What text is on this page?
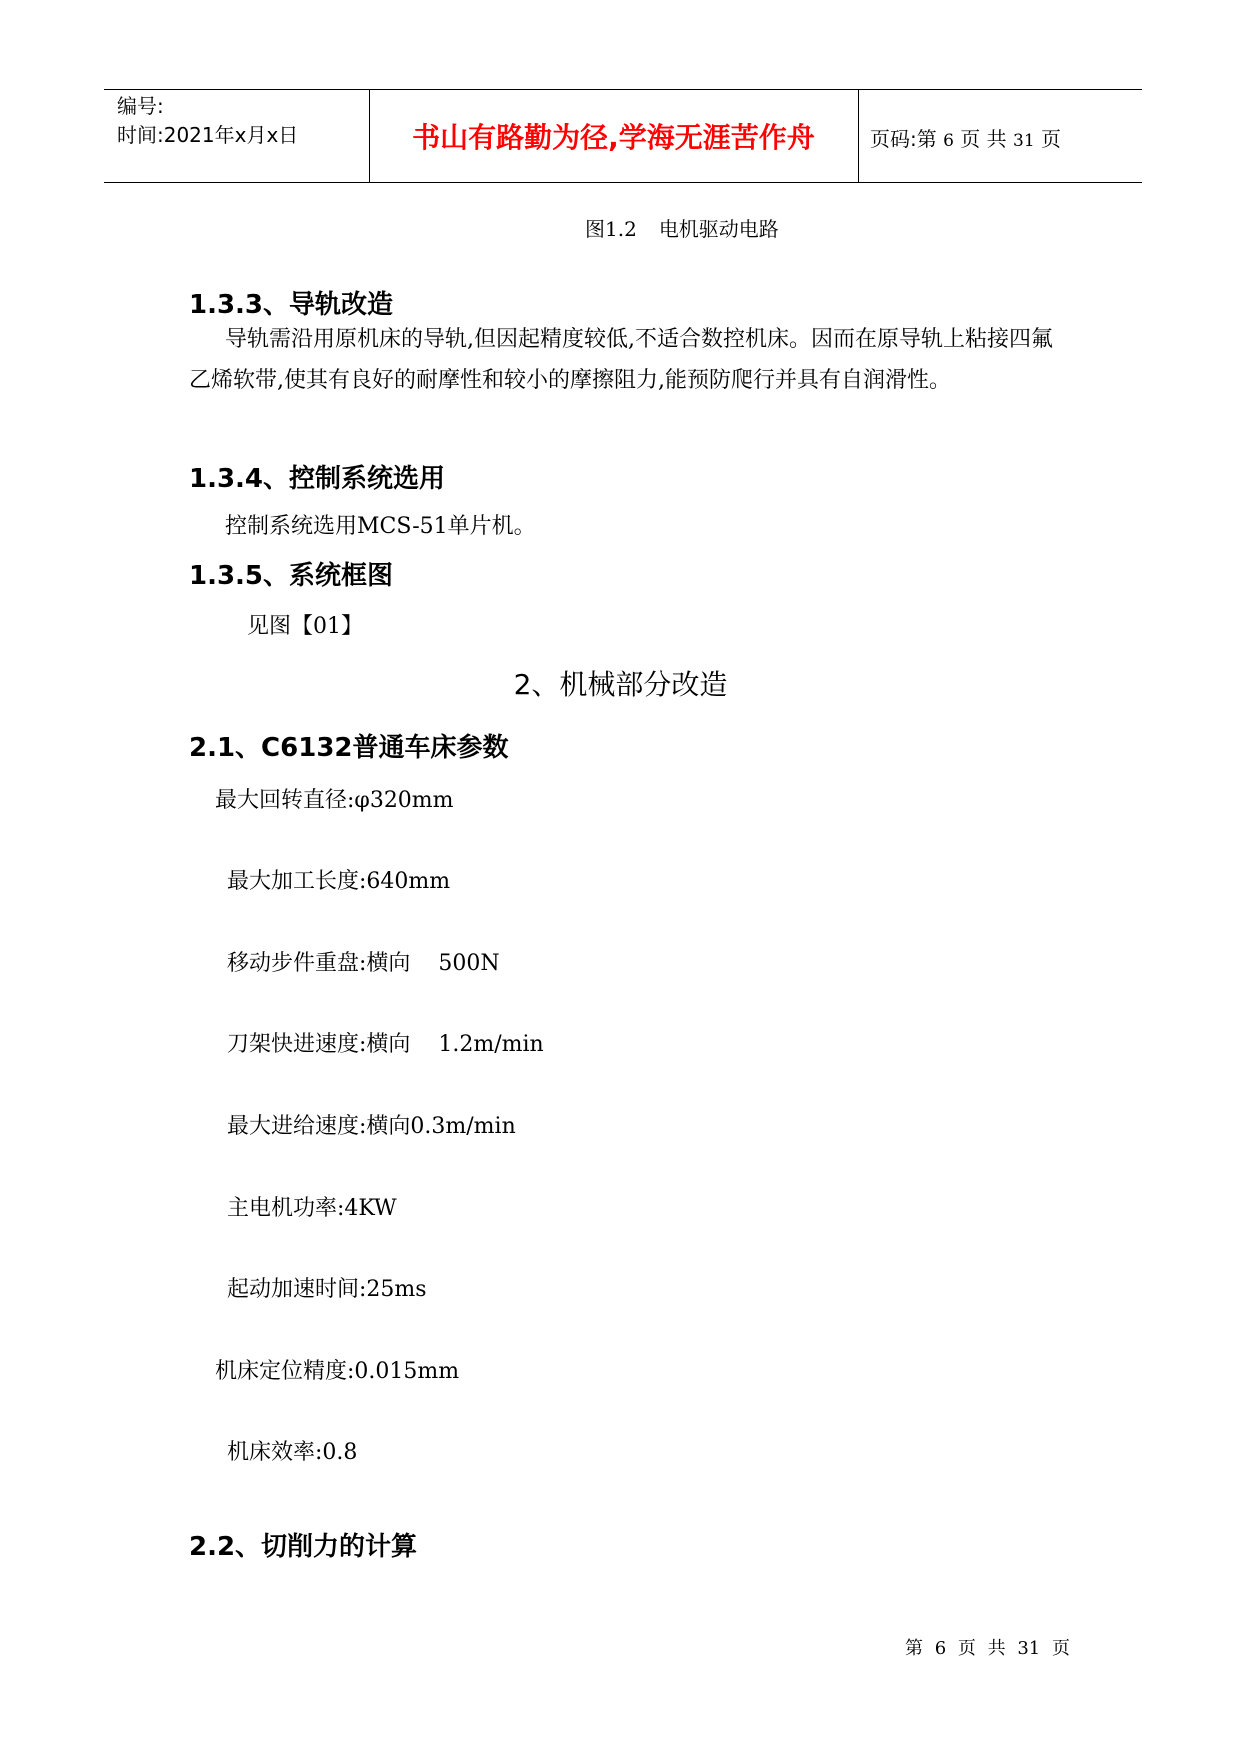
编号:
时间:2021年x月x日	书山有路勤为径,学海无涯苦作舟	页码:第 6 页 共 31 页
图1.2 电机驱动电路
1.3.3、导轨改造
导轨需沿用原机床的导轨,但因起精度较低,不适合数控机床。因而在原导轨上粘接四氟乙烯软带,使其有良好的耐摩性和较小的摩擦阻力,能预防爬行并具有自润滑性。
1.3.4、控制系统选用
控制系统选用MCS-51单片机。
1.3.5、系统框图
见图【01】
2、机械部分改造
2.1、C6132普通车床参数
最大回转直径:φ320mm
最大加工长度:640mm
移动步件重盘:横向    500N
刀架快进速度:横向    1.2m/min
最大进给速度:横向0.3m/min
主电机功率:4KW
起动加速时间:25ms
机床定位精度:0.015mm
机床效率:0.8
2.2、切削力的计算
第 6 页 共 31 页
